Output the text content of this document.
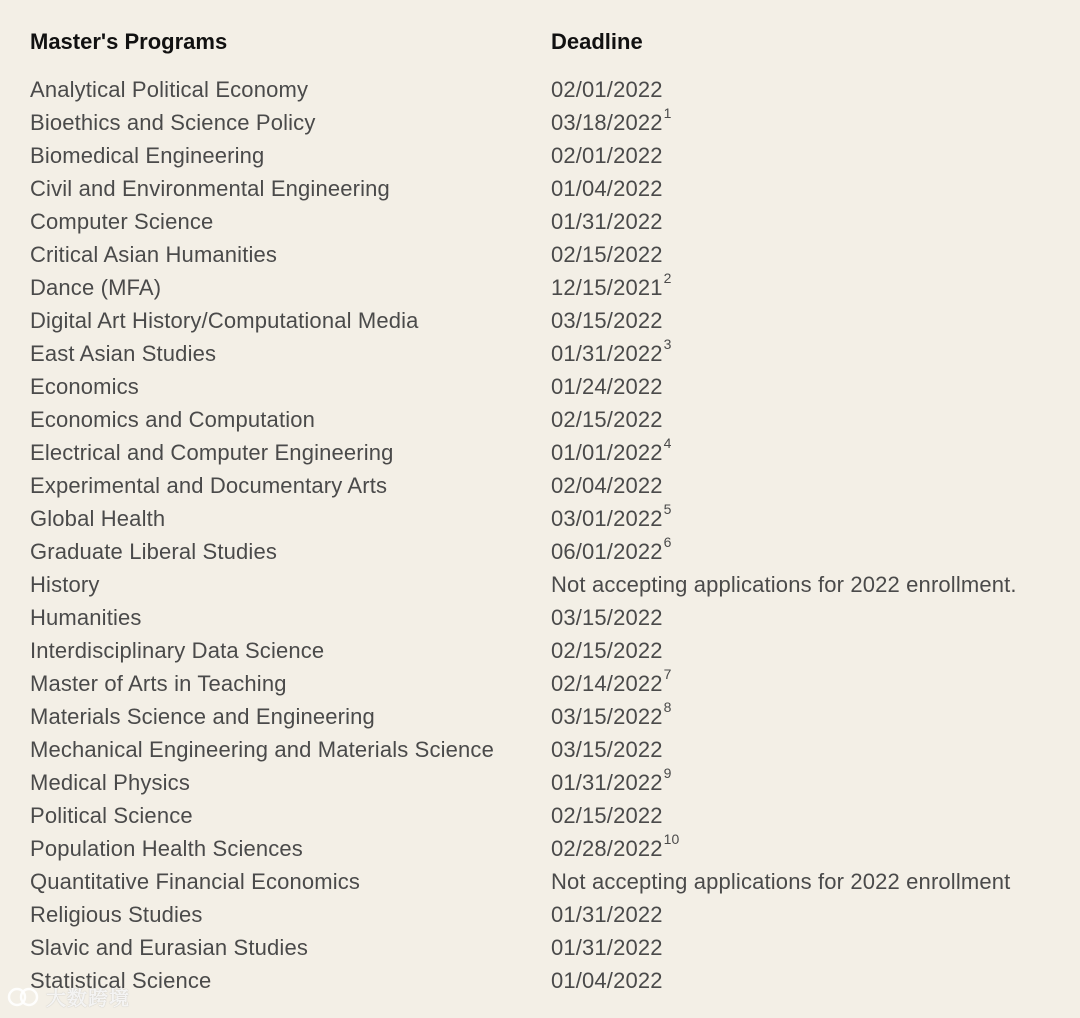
Master's Programs	Deadline
Analytical Political Economy	02/01/2022
Bioethics and Science Policy	03/18/2022$^1$
Biomedical Engineering	02/01/2022
Civil and Environmental Engineering	01/04/2022
Computer Science	01/31/2022
Critical Asian Humanities	02/15/2022
Dance (MFA)	12/15/2021$^2$
Digital Art History/Computational Media	03/15/2022
East Asian Studies	01/31/2022$^3$
Economics	01/24/2022
Economics and Computation	02/15/2022
Electrical and Computer Engineering	01/01/2022$^4$
Experimental and Documentary Arts	02/04/2022
Global Health	03/01/2022$^5$
Graduate Liberal Studies	06/01/2022$^6$
History	Not accepting applications for 2022 enrollment.
Humanities	03/15/2022
Interdisciplinary Data Science	02/15/2022
Master of Arts in Teaching	02/14/2022$^7$
Materials Science and Engineering	03/15/2022$^8$
Mechanical Engineering and Materials Science	03/15/2022
Medical Physics	01/31/2022$^9$
Political Science	02/15/2022
Population Health Sciences	02/28/2022$^{10}$
Quantitative Financial Economics	Not accepting applications for 2022 enrollment
Religious Studies	01/31/2022
Slavic and Eurasian Studies	01/31/2022
Statistical Science	01/04/2022
大数跨境
